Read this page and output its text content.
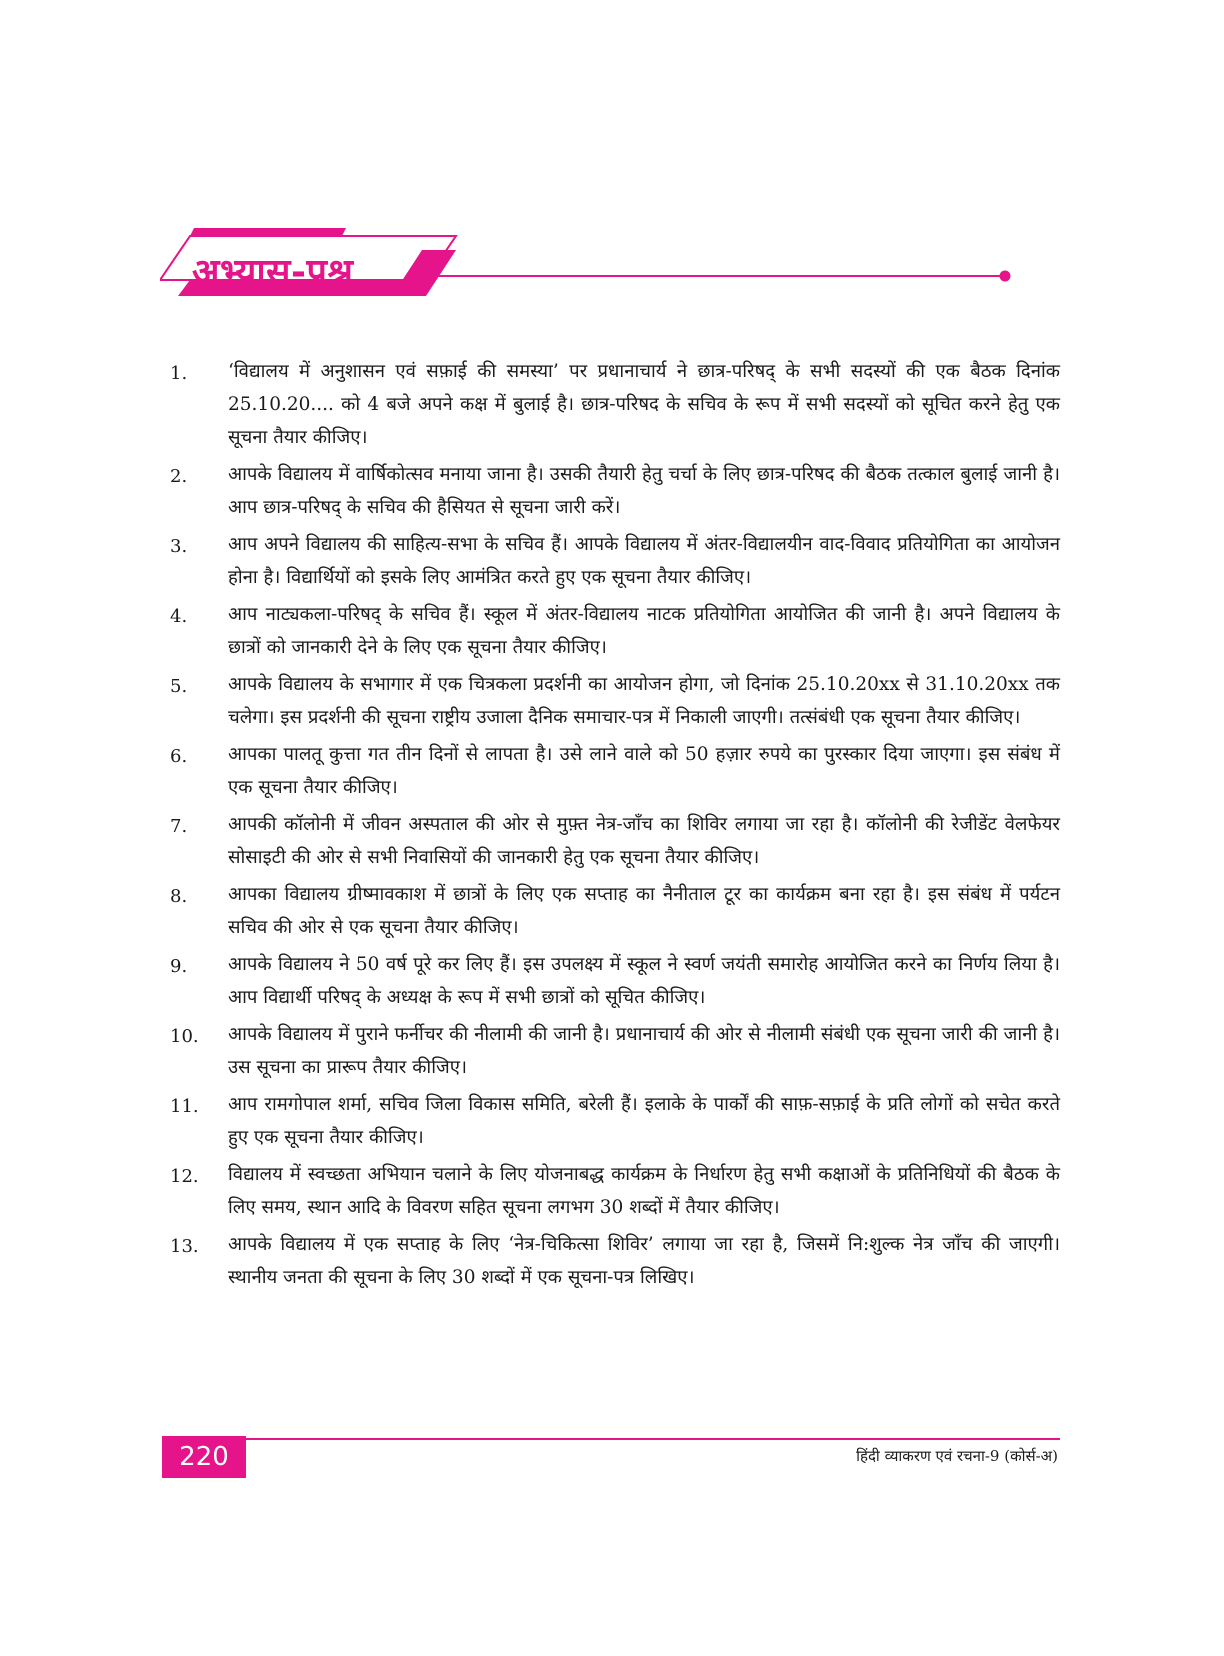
अभ्यास-प्रश्न
1.	‘विद्यालय में अनुशासन एवं सफ़ाई की समस्या’ पर प्रधानाचार्य ने छात्र-परिषद् के सभी सदस्यों की एक बैठक दिनांक 25.10.20.... को 4 बजे अपने कक्ष में बुलाई है। छात्र-परिषद के सचिव के रूप में सभी सदस्यों को सूचित करने हेतु एक सूचना तैयार कीजिए।
2.	आपके विद्यालय में वार्षिकोत्सव मनाया जाना है। उसकी तैयारी हेतु चर्चा के लिए छात्र-परिषद की बैठक तत्काल बुलाई जानी है। आप छात्र-परिषद् के सचिव की हैसियत से सूचना जारी करें।
3.	आप अपने विद्यालय की साहित्य-सभा के सचिव हैं। आपके विद्यालय में अंतर-विद्यालयीन वाद-विवाद प्रतियोगिता का आयोजन होना है। विद्यार्थियों को इसके लिए आमंत्रित करते हुए एक सूचना तैयार कीजिए।
4.	आप नाट्यकला-परिषद् के सचिव हैं। स्कूल में अंतर-विद्यालय नाटक प्रतियोगिता आयोजित की जानी है। अपने विद्यालय के छात्रों को जानकारी देने के लिए एक सूचना तैयार कीजिए।
5.	आपके विद्यालय के सभागार में एक चित्रकला प्रदर्शनी का आयोजन होगा, जो दिनांक 25.10.20xx से 31.10.20xx तक चलेगा। इस प्रदर्शनी की सूचना राष्ट्रीय उजाला दैनिक समाचार-पत्र में निकाली जाएगी। तत्संबंधी एक सूचना तैयार कीजिए।
6.	आपका पालतू कुत्ता गत तीन दिनों से लापता है। उसे लाने वाले को 50 हज़ार रुपये का पुरस्कार दिया जाएगा। इस संबंध में एक सूचना तैयार कीजिए।
7.	आपकी कॉलोनी में जीवन अस्पताल की ओर से मुफ़्त नेत्र-जाँच का शिविर लगाया जा रहा है। कॉलोनी की रेजीडेंट वेलफेयर सोसाइटी की ओर से सभी निवासियों की जानकारी हेतु एक सूचना तैयार कीजिए।
8.	आपका विद्यालय ग्रीष्मावकाश में छात्रों के लिए एक सप्ताह का नैनीताल टूर का कार्यक्रम बना रहा है। इस संबंध में पर्यटन सचिव की ओर से एक सूचना तैयार कीजिए।
9.	आपके विद्यालय ने 50 वर्ष पूरे कर लिए हैं। इस उपलक्ष्य में स्कूल ने स्वर्ण जयंती समारोह आयोजित करने का निर्णय लिया है। आप विद्यार्थी परिषद् के अध्यक्ष के रूप में सभी छात्रों को सूचित कीजिए।
10.	आपके विद्यालय में पुराने फर्नीचर की नीलामी की जानी है। प्रधानाचार्य की ओर से नीलामी संबंधी एक सूचना जारी की जानी है। उस सूचना का प्रारूप तैयार कीजिए।
11.	आप रामगोपाल शर्मा, सचिव जिला विकास समिति, बरेली हैं। इलाके के पार्कों की साफ़-सफ़ाई के प्रति लोगों को सचेत करते हुए एक सूचना तैयार कीजिए।
12.	विद्यालय में स्वच्छता अभियान चलाने के लिए योजनाबद्ध कार्यक्रम के निर्धारण हेतु सभी कक्षाओं के प्रतिनिधियों की बैठक के लिए समय, स्थान आदि के विवरण सहित सूचना लगभग 30 शब्दों में तैयार कीजिए।
13.	आपके विद्यालय में एक सप्ताह के लिए ‘नेत्र-चिकित्सा शिविर’ लगाया जा रहा है, जिसमें नि:शुल्क नेत्र जाँच की जाएगी। स्थानीय जनता की सूचना के लिए 30 शब्दों में एक सूचना-पत्र लिखिए।
220	हिंदी व्याकरण एवं रचना-9 (कोर्स-अ)
